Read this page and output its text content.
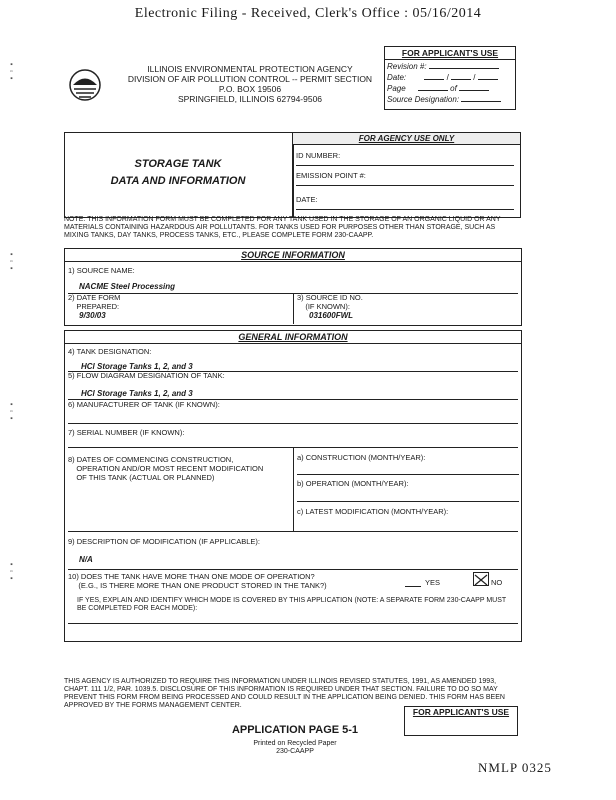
Electronic Filing - Received, Clerk's Office : 05/16/2014
▪▫▪
▪▫▪
▪▫▪
▪▫▪
FOR APPLICANT'S USE
Revision #:
Date:	/	/
Page	of
Source Designation:
ILLINOIS ENVIRONMENTAL PROTECTION AGENCY
DIVISION OF AIR POLLUTION CONTROL -- PERMIT SECTION
P.O. BOX 19506
SPRINGFIELD, ILLINOIS 62794-9506
STORAGE TANK
DATA AND INFORMATION
FOR AGENCY USE ONLY
ID NUMBER:
EMISSION POINT #:
DATE:
NOTE: THIS INFORMATION FORM MUST BE COMPLETED FOR ANY TANK USED IN THE STORAGE OF AN ORGANIC LIQUID OR ANY MATERIALS CONTAINING HAZARDOUS AIR POLLUTANTS. FOR TANKS USED FOR PURPOSES OTHER THAN STORAGE, SUCH AS MIXING TANKS, DAY TANKS, PROCESS TANKS, ETC., PLEASE COMPLETE FORM 230-CAAPP.
SOURCE INFORMATION
1) SOURCE NAME:
NACME Steel Processing
2) DATE FORM
PREPARED:
9/30/03
3) SOURCE ID NO.
(IF KNOWN):
031600FWL
GENERAL INFORMATION
4) TANK DESIGNATION:
HCl Storage Tanks 1, 2, and 3
5) FLOW DIAGRAM DESIGNATION OF TANK:
HCl Storage Tanks 1, 2, and 3
6) MANUFACTURER OF TANK (IF KNOWN):
7) SERIAL NUMBER (IF KNOWN):
8) DATES OF COMMENCING CONSTRUCTION,
OPERATION AND/OR MOST RECENT MODIFICATION
OF THIS TANK (ACTUAL OR PLANNED)
a) CONSTRUCTION (MONTH/YEAR):
b) OPERATION (MONTH/YEAR):
c) LATEST MODIFICATION (MONTH/YEAR):
9) DESCRIPTION OF MODIFICATION (IF APPLICABLE):
N/A
10) DOES THE TANK HAVE MORE THAN ONE MODE OF OPERATION?
(E.G., IS THERE MORE THAN ONE PRODUCT STORED IN THE TANK?)	YES	NO
IF YES, EXPLAIN AND IDENTIFY WHICH MODE IS COVERED BY THIS APPLICATION (NOTE: A SEPARATE FORM 230-CAAPP MUST BE COMPLETED FOR EACH MODE):
THIS AGENCY IS AUTHORIZED TO REQUIRE THIS INFORMATION UNDER ILLINOIS REVISED STATUTES, 1991, AS AMENDED 1993, CHAPT. 111 1/2, PAR. 1039.5. DISCLOSURE OF THIS INFORMATION IS REQUIRED UNDER THAT SECTION. FAILURE TO DO SO MAY PREVENT THIS FORM FROM BEING PROCESSED AND COULD RESULT IN THE APPLICATION BEING DENIED. THIS FORM HAS BEEN APPROVED BY THE FORMS MANAGEMENT CENTER.
FOR APPLICANT'S USE
APPLICATION PAGE 5-1
Printed on Recycled Paper
230-CAAPP
NMLP 0325
